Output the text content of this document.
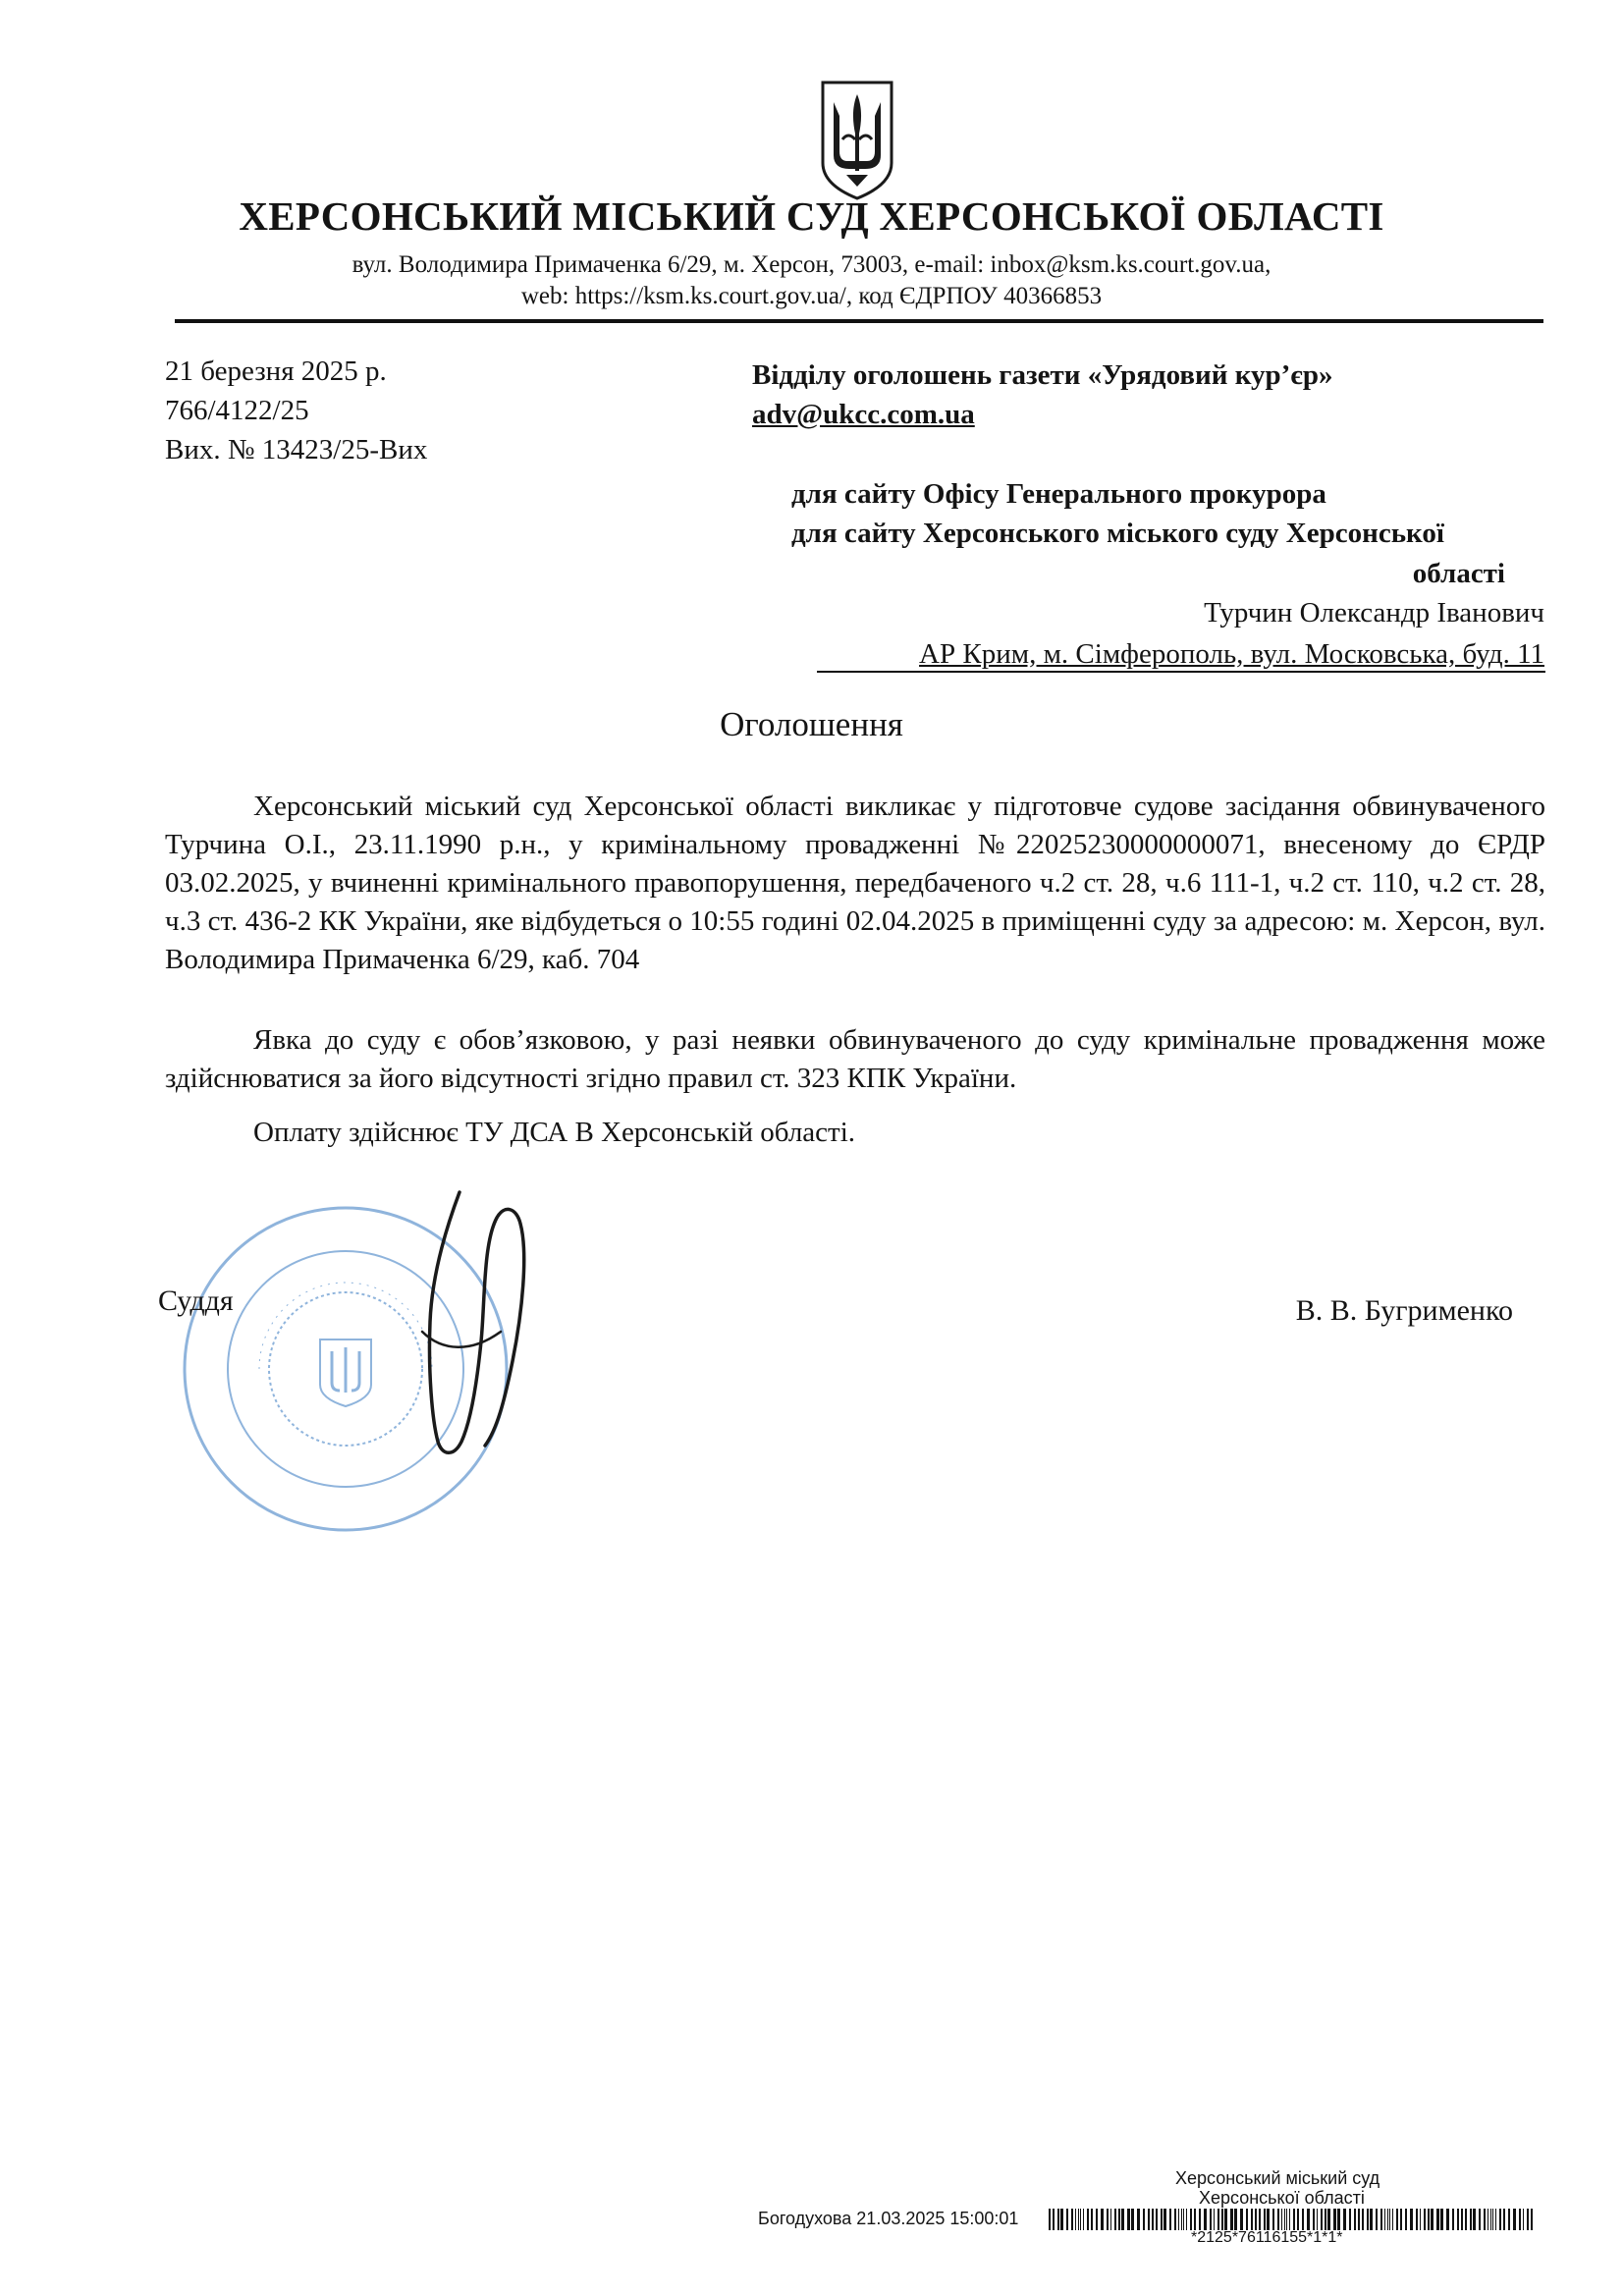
ХЕРСОНСЬКИЙ МІСЬКИЙ СУД ХЕРСОНСЬКОЇ ОБЛАСТІ
вул. Володимира Примаченка 6/29, м. Херсон, 73003, e-mail: inbox@ksm.ks.court.gov.ua,
web: https://ksm.ks.court.gov.ua/, код ЄДРПОУ 40366853
21 березня 2025 р.
766/4122/25
Вих. № 13423/25-Вих
Відділу оголошень газети «Урядовий кур’єр»
adv@ukcc.com.ua
для сайту Офісу Генерального прокурора
для сайту Херсонського міського суду Херсонської
області
Турчин Олександр Іванович
АР Крим, м. Сімферополь, вул. Московська, буд. 11
Оголошення
Херсонський міський суд Херсонської області викликає у підготовче судове засідання обвинуваченого Турчина О.І., 23.11.1990 р.н., у кримінальному провадженні №22025230000000071, внесеному до ЄРДР 03.02.2025, у вчиненні кримінального правопорушення, передбаченого ч.2 ст. 28, ч.6 111-1, ч.2 ст. 110, ч.2 ст. 28, ч.3 ст. 436-2 КК України, яке відбудеться о 10:55 годині 02.04.2025 в приміщенні суду за адресою: м. Херсон, вул. Володимира Примаченка 6/29, каб. 704
Явка до суду є обов’язковою, у разі неявки обвинуваченого до суду кримінальне провадження може здійснюватися за його відсутності згідно правил ст. 323 КПК України.
Оплату здійснює ТУ ДСА В Херсонській області.
Суддя	В. В. Бугрименко
Херсонський міський суд
Херсонської області
Богодухова 21.03.2025 15:00:01
*2125*76116155*1*1*
